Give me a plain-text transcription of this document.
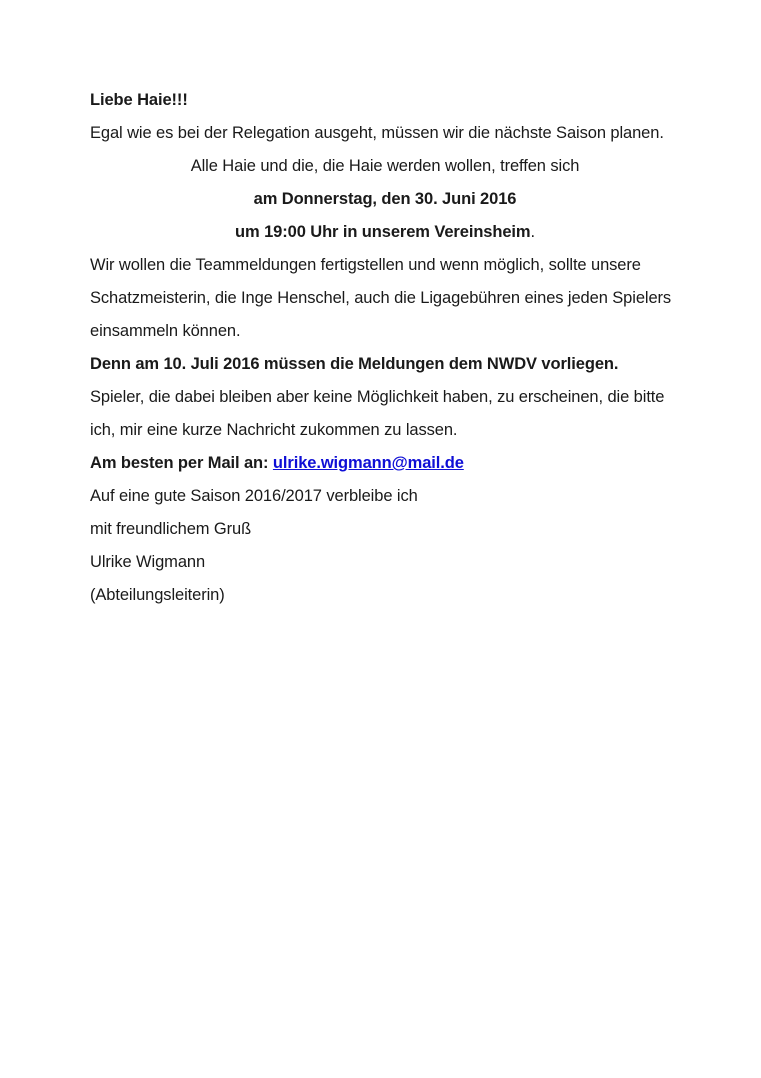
Liebe Haie!!!

Egal wie es bei der Relegation ausgeht, müssen wir die nächste Saison planen.

Alle Haie und die, die Haie werden wollen, treffen sich

am Donnerstag, den 30. Juni 2016

um 19:00 Uhr in unserem Vereinsheim.

Wir wollen die Teammeldungen fertigstellen und wenn möglich, sollte unsere Schatzmeisterin, die Inge Henschel, auch die Ligagebühren eines jeden Spielers einsammeln können.

Denn am 10. Juli 2016 müssen die Meldungen dem NWDV vorliegen.

Spieler, die dabei bleiben aber keine Möglichkeit haben, zu erscheinen, die bitte ich, mir eine kurze Nachricht zukommen zu lassen.

Am besten per Mail an: ulrike.wigmann@mail.de

Auf eine gute Saison 2016/2017 verbleibe ich

mit freundlichem Gruß

Ulrike Wigmann

(Abteilungsleiterin)
